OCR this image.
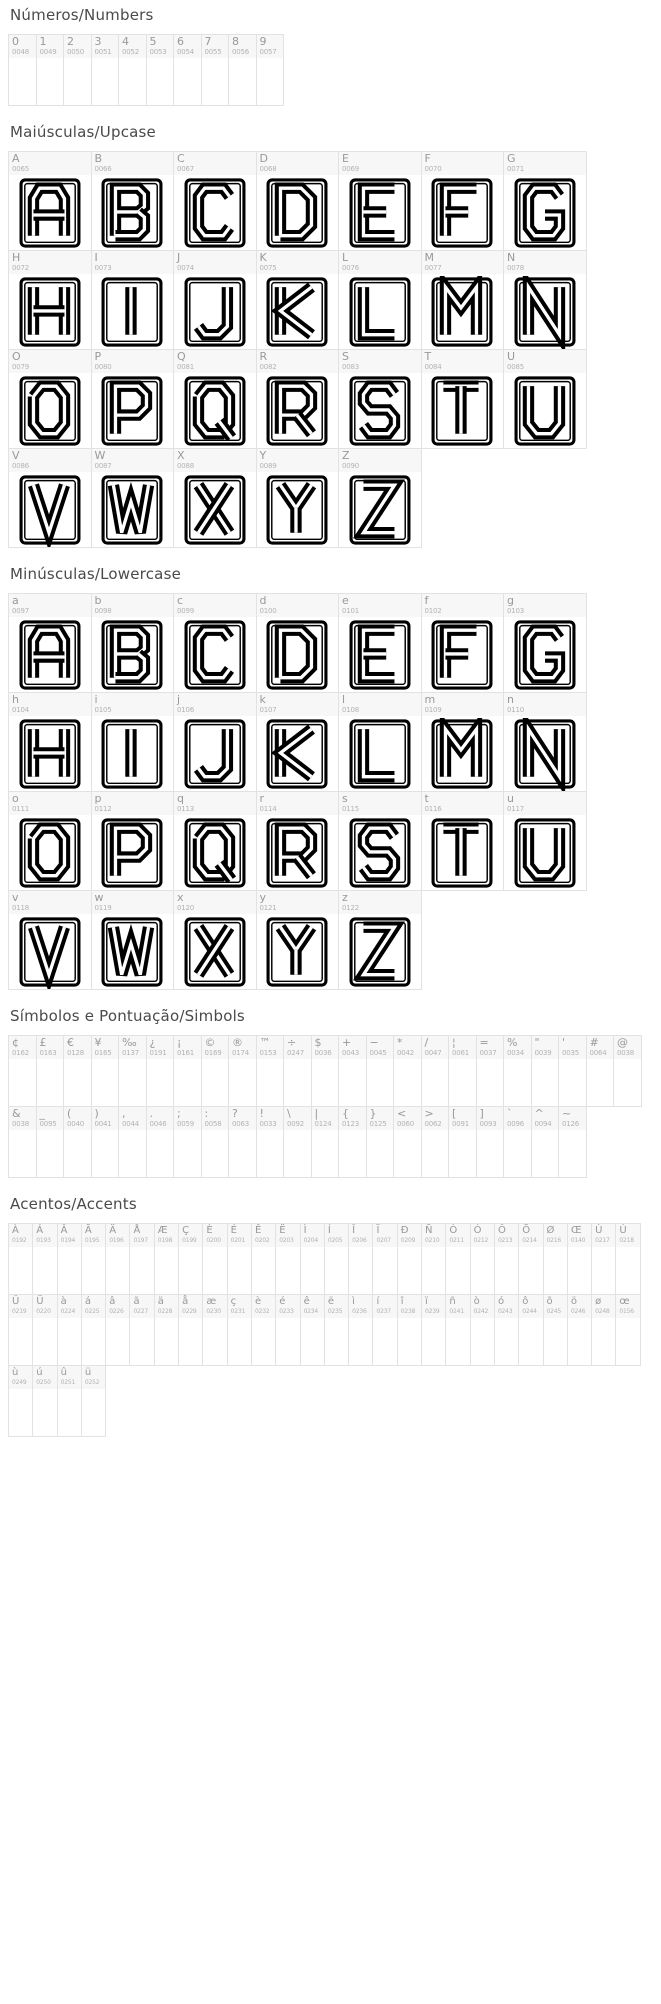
Números/Numbers
0
0048
1
0049
2
0050
3
0051
4
0052
5
0053
6
0054
7
0055
8
0056
9
0057
Maiúsculas/Upcase
A
0065
B
0066
C
0067
D
0068
E
0069
F
0070
G
0071
H
0072
I
0073
J
0074
K
0075
L
0076
M
0077
N
0078
O
0079
P
0080
Q
0081
R
0082
S
0083
T
0084
U
0085
V
0086
W
0087
X
0088
Y
0089
Z
0090
Minúsculas/Lowercase
a
0097
b
0098
c
0099
d
0100
e
0101
f
0102
g
0103
h
0104
i
0105
j
0106
k
0107
l
0108
m
0109
n
0110
o
0111
p
0112
q
0113
r
0114
s
0115
t
0116
u
0117
v
0118
w
0119
x
0120
y
0121
z
0122
Símbolos e Pontuação/Simbols
¢
0162
£
0163
€
0128
¥
0165
‰
0137
¿
0191
¡
0161
©
0169
®
0174
™
0153
÷
0247
$
0036
+
0043
−
0045
*
0042
/
0047
¦
0061
=
0037
%
0034
"
0039
'
0035
#
0064
@
0038
&
0038
_
0095
(
0040
)
0041
,
0044
.
0046
;
0059
:
0058
?
0063
!
0033
\
0092
|
0124
{
0123
}
0125
<
0060
>
0062
[
0091
]
0093
`
0096
^
0094
~
0126
Acentos/Accents
À
0192
Á
0193
Â
0194
Ã
0195
Ä
0196
Å
0197
Æ
0198
Ç
0199
È
0200
É
0201
Ê
0202
Ë
0203
Ì
0204
Í
0205
Î
0206
Ï
0207
Ð
0209
Ñ
0210
Ò
0211
Ó
0212
Ô
0213
Õ
0214
Ø
0216
Œ
0140
Ù
0217
Ú
0218
Û
0219
Ü
0220
à
0224
á
0225
â
0226
ã
0227
ä
0228
å
0229
æ
0230
ç
0231
è
0232
é
0233
ê
0234
ë
0235
ì
0236
í
0237
î
0238
ï
0239
ñ
0241
ò
0242
ó
0243
ô
0244
õ
0245
ö
0246
ø
0248
œ
0156
ù
0249
ú
0250
û
0251
ü
0252
